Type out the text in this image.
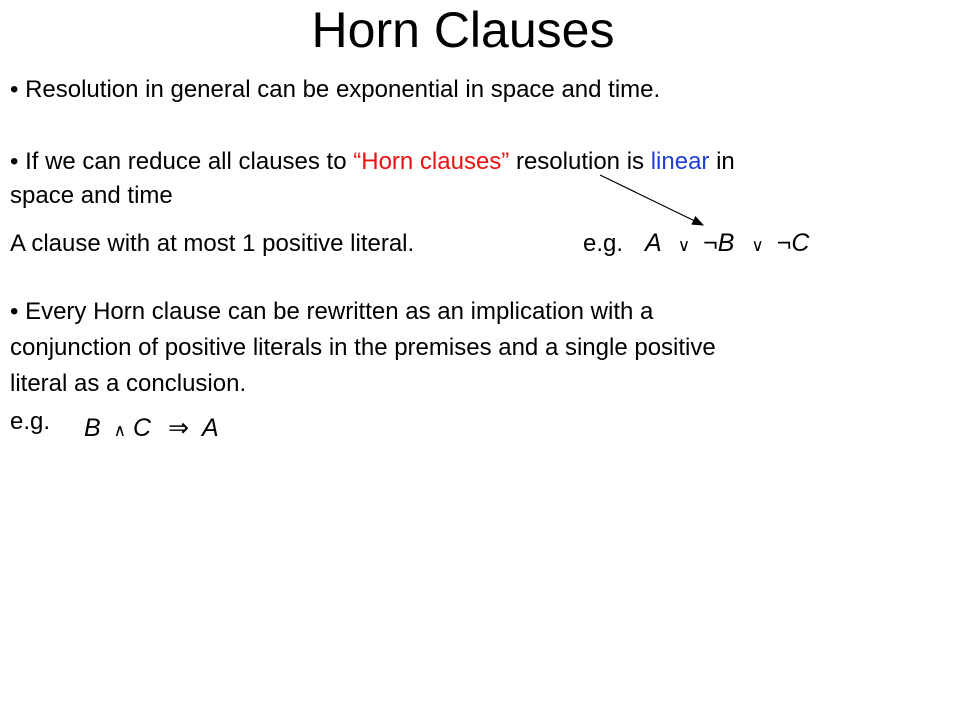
Horn Clauses
• Resolution in general can be exponential in space and time.
• If we can reduce all clauses to “Horn clauses” resolution is linear in
space and time
A clause with at most 1 positive literal.	e.g. A ∨ ¬B ∨ ¬C
• Every Horn clause can be rewritten as an implication with a
conjunction of positive literals in the premises and a single positive
literal as a conclusion.
e.g. B ∧ C ⇒ A
